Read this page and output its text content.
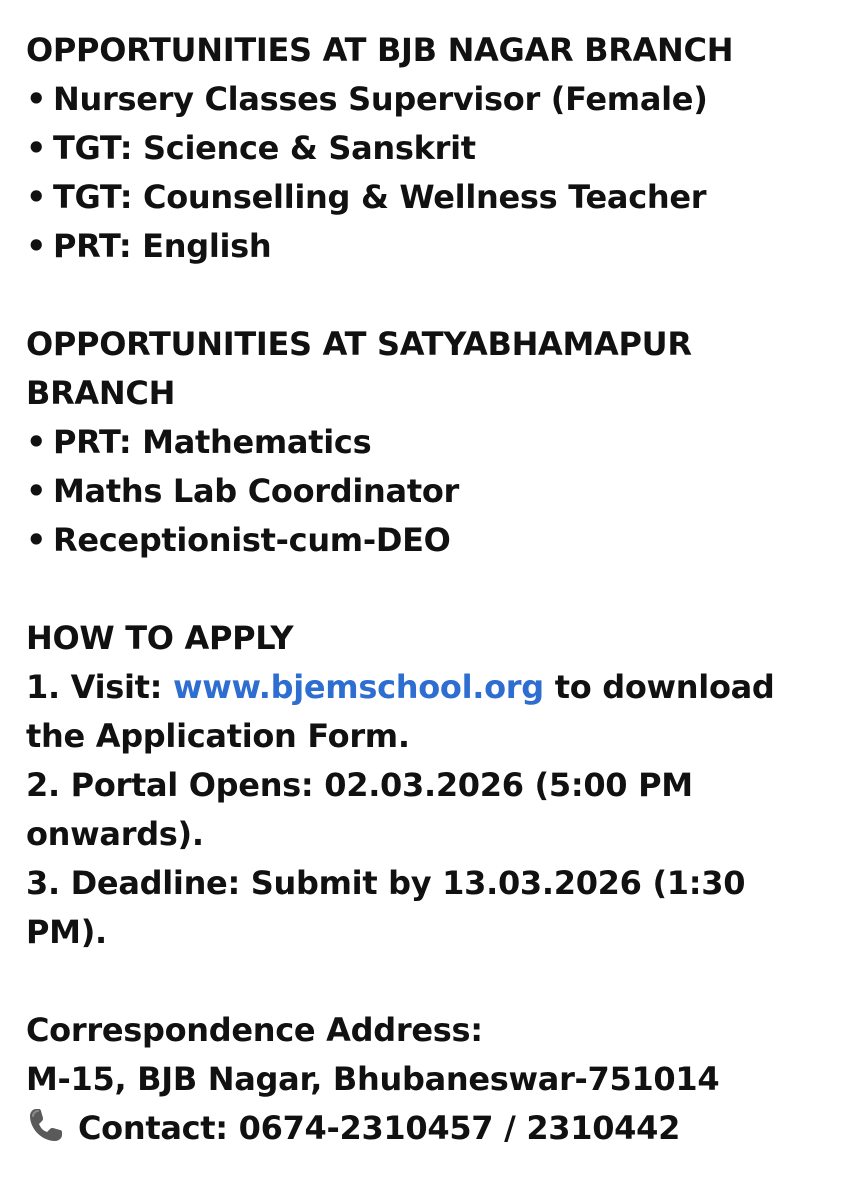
OPPORTUNITIES AT BJB NAGAR BRANCH
• Nursery Classes Supervisor (Female)
• TGT: Science & Sanskrit
• TGT: Counselling & Wellness Teacher
• PRT: English
OPPORTUNITIES AT SATYABHAMAPUR
BRANCH
• PRT: Mathematics
• Maths Lab Coordinator
• Receptionist-cum-DEO
HOW TO APPLY
1. Visit: www.bjemschool.org to download
the Application Form.
2. Portal Opens: 02.03.2026 (5:00 PM
onwards).
3. Deadline: Submit by 13.03.2026 (1:30
PM).
Correspondence Address:
M-15, BJB Nagar, Bhubaneswar-751014
Contact: 0674-2310457 / 2310442
